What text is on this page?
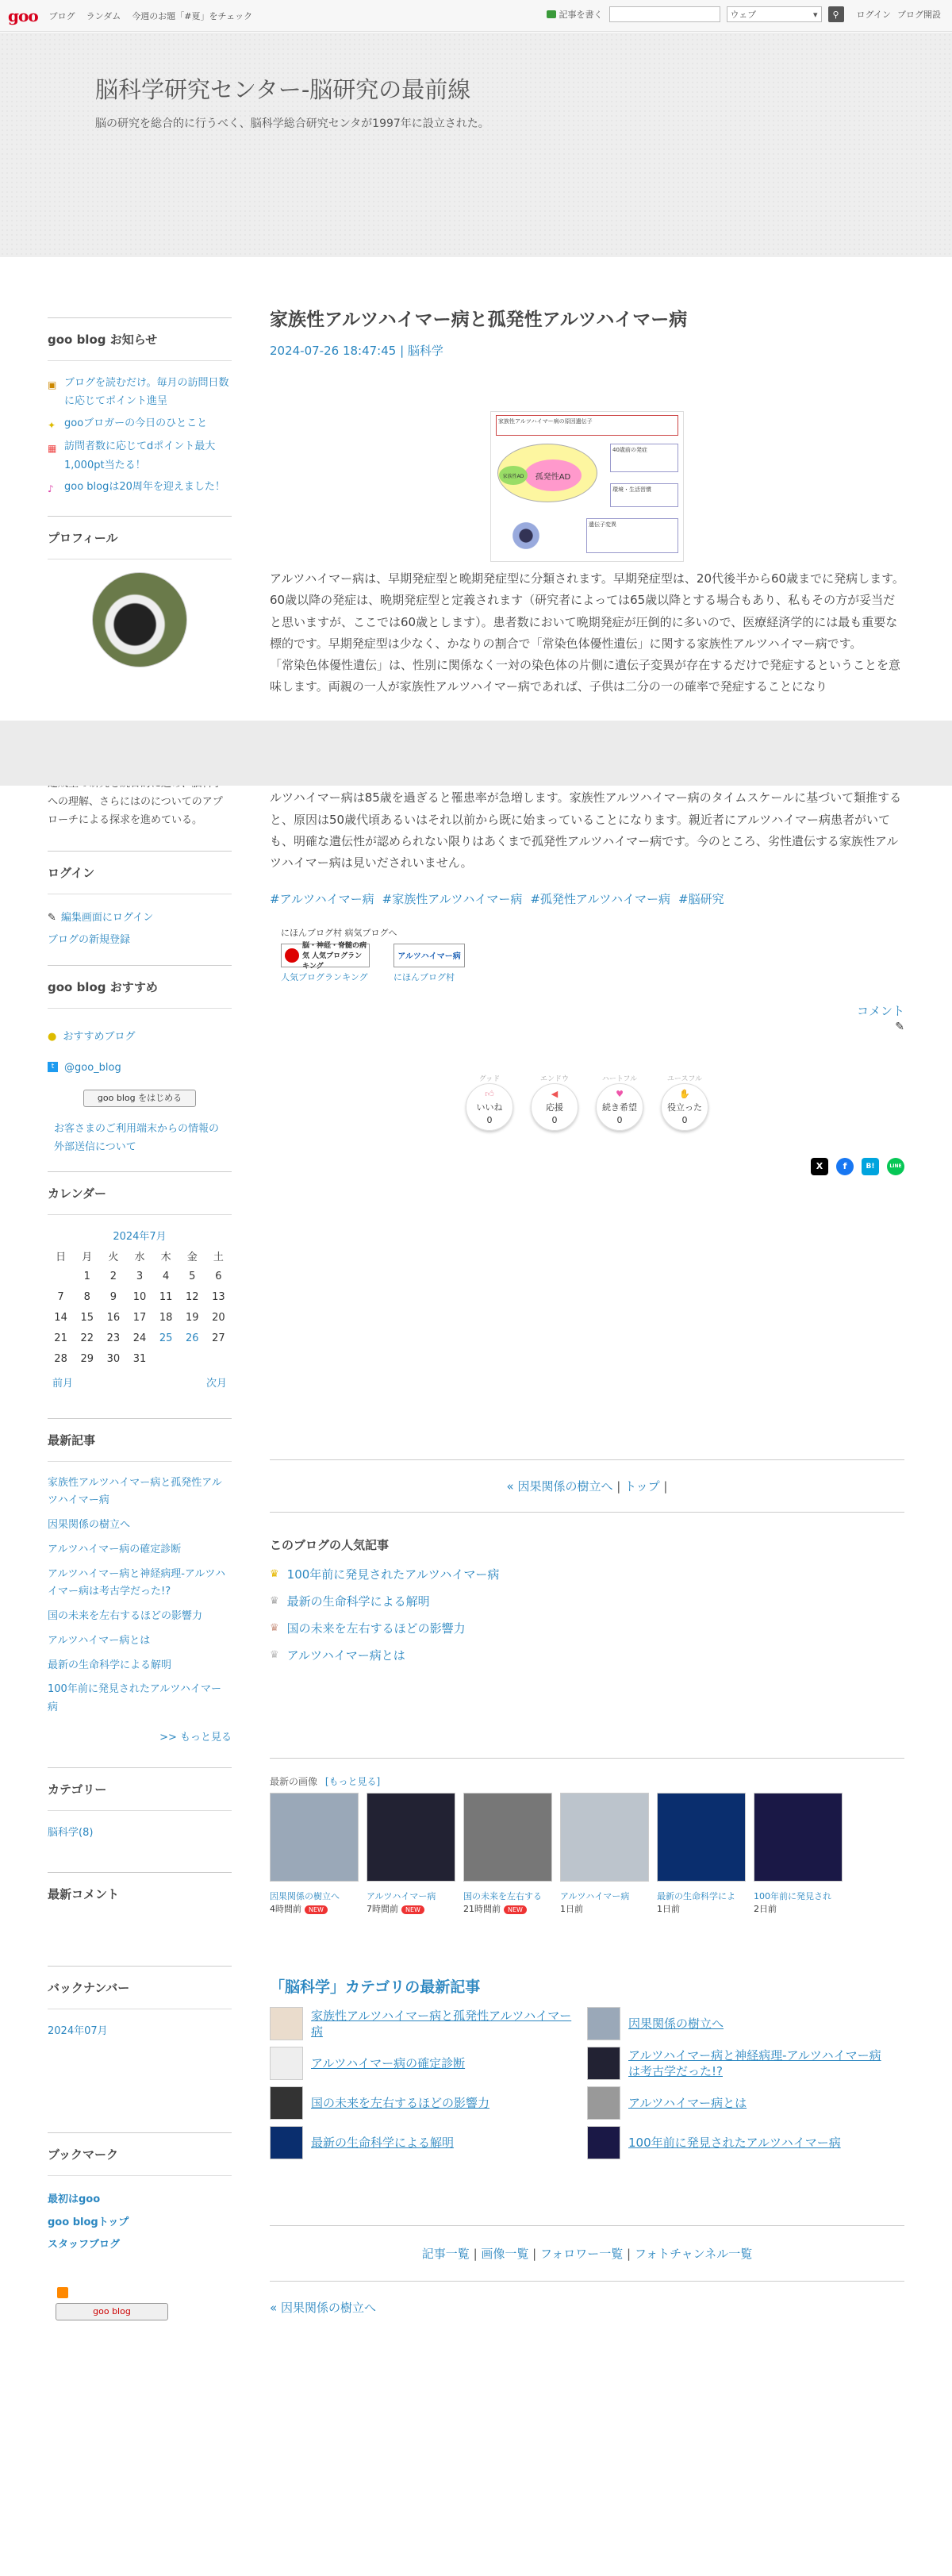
goo ブログ ランダム 今週のお題「#夏」をチェック	記事を書く	ウェブ	▾ ⚲ ログイン ブログ開設
脳科学研究センター-脳研究の最前線

脳の研究を総合的に行うべく、脳科学総合研究センタが1997年に設立された。

goo blog お知らせ
▣ ブログを読むだけ。毎月の訪問日数に応じてポイント進呈
✦ gooブロガーの今日のひとこと
▦ 訪問者数に応じてdポイント最大1,000pt当たる！
♪	goo blogは20周年を迎えました！
プロフィール
への理解、さらにはのについてのアプローチによる探求を進めている。
ログイン
✎ 編集画面にログイン
ブログの新規登録
goo blog おすすめ
● おすすめブログ
t @goo_blog
goo blog をはじめる
お客さまのご利用端末からの情報の外部送信について
カレンダー
2024年7月
日	月	火	水	木	金	土
	1	2	3	4	5	6
7	8	9	10	11	12	13
14	15	16	17	18	19	20
21	22	23	24	25	26	27
28	29	30	31			
前月	次月
最新記事
家族性アルツハイマー病と孤発性アルツハイマー病
因果関係の樹立へ
アルツハイマー病の確定診断
アルツハイマー病と神経病理-アルツハイマー病は考古学だった!?
国の未来を左右するほどの影響力
アルツハイマー病とは
最新の生命科学による解明
100年前に発見されたアルツハイマー病
>> もっと見る
カテゴリー
脳科学(8)
最新コメント
バックナンバー
2024年07月
ブックマーク
最初はgoo
goo blogトップ
スタッフブログ
goo blog
家族性アルツハイマー病と孤発性アルツハイマー病
2024-07-26 18:47:45 | 脳科学
家族性アルツハイマー病の原因遺伝子
孤発性AD
家族性AD
40歳前の発症
環境・生活習慣
遺伝子変異

アルツハイマー病は、早期発症型と晩期発症型に分類されます。早期発症型は、20代後半から60歳までに発病します。60歳以降の発症は、晩期発症型と定義されます（研究者によっては65歳以降とする場合もあり、私もその方が妥当だと思いますが、ここでは60歳とします）。患者数において晩期発症が圧倒的に多いので、医療経済学的には最も重要な標的です。早期発症型は少なく、かなりの割合で「常染色体優性遺伝」に関する家族性アルツハイマー病です。

「常染色体優性遺伝」は、性別に関係なく一対の染色体の片側に遺伝子変異が存在するだけで発症するということを意味します。両親の一人が家族性アルツハイマー病であれば、子供は二分の一の確率で発症することになり

ルツハイマー病は85歳を過ぎると罹患率が急増します。家族性アルツハイマー病のタイムスケールに基づいて類推すると、原因は50歳代頃あるいはそれ以前から既に始まっていることになります。親近者にアルツハイマー病患者がいても、明確な遺伝性が認められない限りはあくまで孤発性アルツハイマー病です。今のところ、劣性遺伝する家族性アルツハイマー病は見いだされいません。

#アルツハイマー病 #家族性アルツハイマー病 #孤発性アルツハイマー病 #脳研究
にほんブログ村 病気ブログへ
脳・神経・脊髄の病気 人気ブログランキング
人気ブログランキング
アルツハイマー病
にほんブログ村
コメント
✎
グッド
👍︎
いいね
0
エンドウ
◀
応援
0
ハートフル
♥
続き希望
0
ユースフル
✋
役立った
0
X	f	B!	LINE
« 因果関係の樹立へ | トップ |
このブログの人気記事
♛ 100年前に発見されたアルツハイマー病
♛ 最新の生命科学による解明
♛ 国の未来を左右するほどの影響力
♛ アルツハイマー病とは
最新の画像 [もっと見る]
因果関係の樹立へ
4時間前 NEW
アルツハイマー病
7時間前 NEW
国の未来を左右する
21時間前 NEW
アルツハイマー病
1日前
最新の生命科学によ
1日前
100年前に発見され
2日前
「脳科学」カテゴリの最新記事
家族性アルツハイマー病と孤発性アルツハイマー病
因果関係の樹立へ
アルツハイマー病の確定診断
アルツハイマー病と神経病理-アルツハイマー病は考古学だった!?
国の未来を左右するほどの影響力	アルツハイマー病とは
最新の生命科学による解明	100年前に発見されたアルツハイマー病
記事一覧 | 画像一覧 | フォロワー一覧 | フォトチャンネル一覧
« 因果関係の樹立へ
